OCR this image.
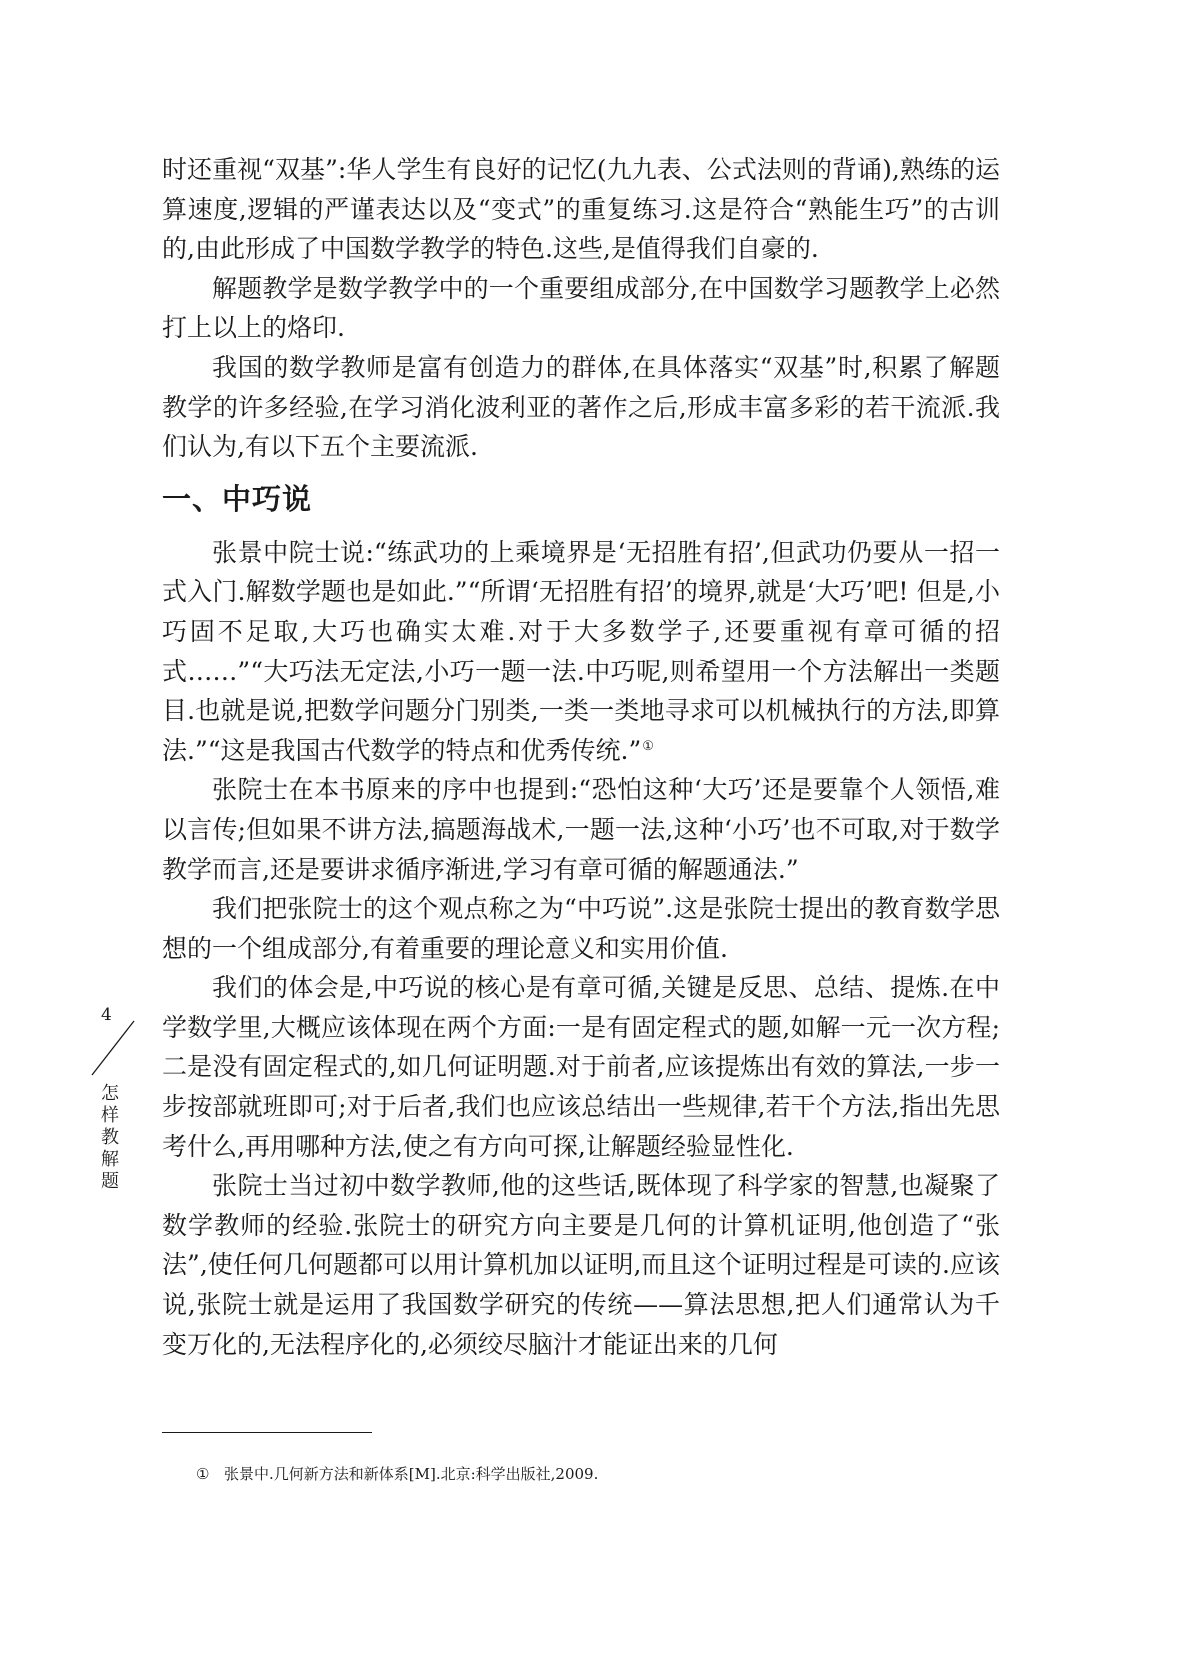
时还重视“双基”:华人学生有良好的记忆(九九表、公式法则的背诵),熟练的运算速度,逻辑的严谨表达以及“变式”的重复练习.这是符合“熟能生巧”的古训的,由此形成了中国数学教学的特色.这些,是值得我们自豪的.

解题教学是数学教学中的一个重要组成部分,在中国数学习题教学上必然打上以上的烙印.

我国的数学教师是富有创造力的群体,在具体落实“双基”时,积累了解题教学的许多经验,在学习消化波利亚的著作之后,形成丰富多彩的若干流派.我们认为,有以下五个主要流派.

一、中巧说

张景中院士说:“练武功的上乘境界是‘无招胜有招’,但武功仍要从一招一式入门.解数学题也是如此.”“所谓‘无招胜有招’的境界,就是‘大巧’吧! 但是,小巧固不足取,大巧也确实太难.对于大多数学子,还要重视有章可循的招式……”“大巧法无定法,小巧一题一法.中巧呢,则希望用一个方法解出一类题目.也就是说,把数学问题分门别类,一类一类地寻求可以机械执行的方法,即算法.”“这是我国古代数学的特点和优秀传统.”①

张院士在本书原来的序中也提到:“恐怕这种‘大巧’还是要靠个人领悟,难以言传;但如果不讲方法,搞题海战术,一题一法,这种‘小巧’也不可取,对于数学教学而言,还是要讲求循序渐进,学习有章可循的解题通法.”

我们把张院士的这个观点称之为“中巧说”.这是张院士提出的教育数学思想的一个组成部分,有着重要的理论意义和实用价值.

我们的体会是,中巧说的核心是有章可循,关键是反思、总结、提炼.在中学数学里,大概应该体现在两个方面:一是有固定程式的题,如解一元一次方程;二是没有固定程式的,如几何证明题.对于前者,应该提炼出有效的算法,一步一步按部就班即可;对于后者,我们也应该总结出一些规律,若干个方法,指出先思考什么,再用哪种方法,使之有方向可探,让解题经验显性化.

张院士当过初中数学教师,他的这些话,既体现了科学家的智慧,也凝聚了数学教师的经验.张院士的研究方向主要是几何的计算机证明,他创造了“张法”,使任何几何题都可以用计算机加以证明,而且这个证明过程是可读的.应该说,张院士就是运用了我国数学研究的传统——算法思想,把人们通常认为千变万化的,无法程序化的,必须绞尽脑汁才能证出来的几何

4
怎样教解题
① 张景中.几何新方法和新体系[M].北京:科学出版社,2009.
